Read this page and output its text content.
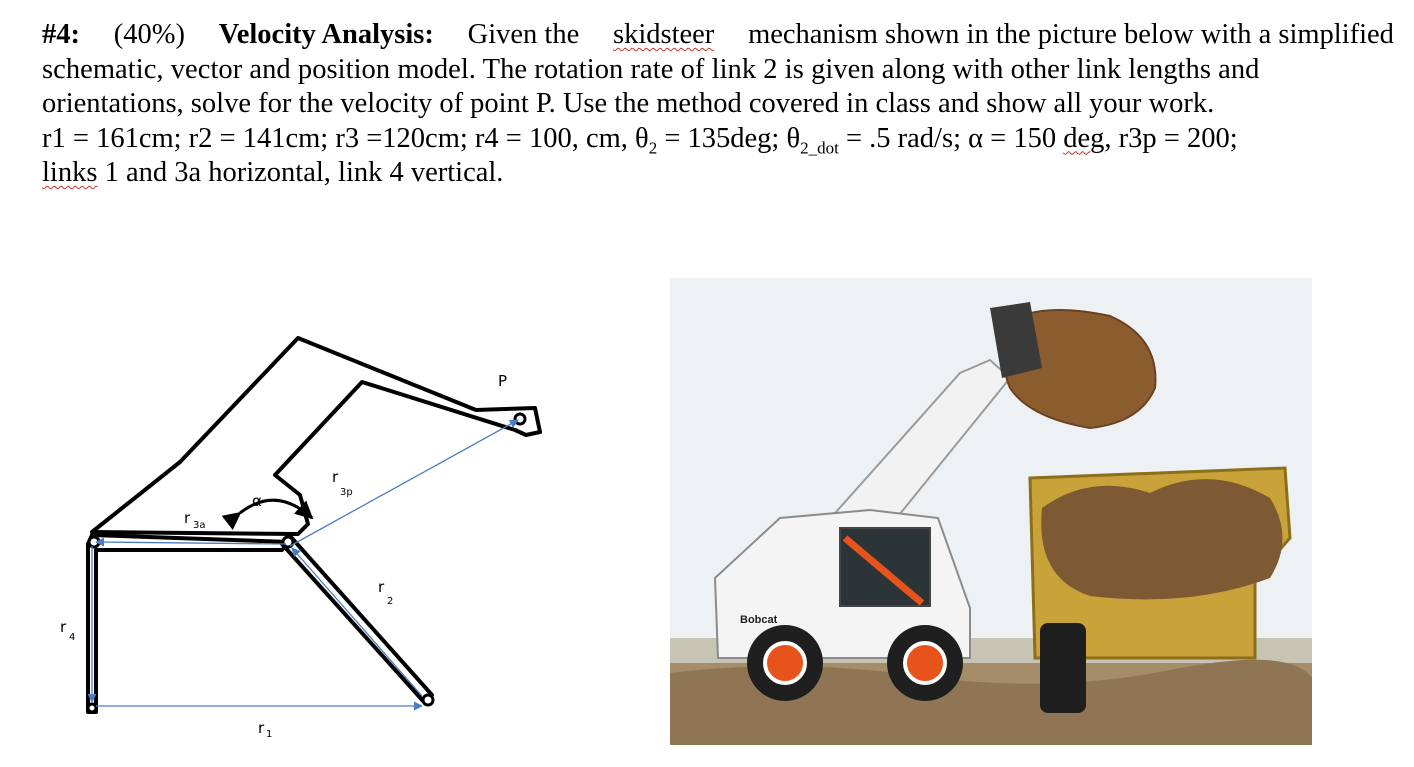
#4: (40%) Velocity Analysis: Given the skidsteer mechanism shown in the picture below with a simplified
schematic, vector and position model. The rotation rate of link 2 is given along with other link lengths and
orientations, solve for the velocity of point P. Use the method covered in class and show all your work.
r1 = 161cm; r2 = 141cm; r3 =120cm; r4 = 100, cm, $\theta_2 = 135deg$; $\theta_{2\_dot} = .5$ rad/s; α = 150 deg, r3p = 200;
links 1 and 3a horizontal, link 4 vertical.
P
r
3p
α
r 3a
r
2
r
4
r 1
Bobcat
